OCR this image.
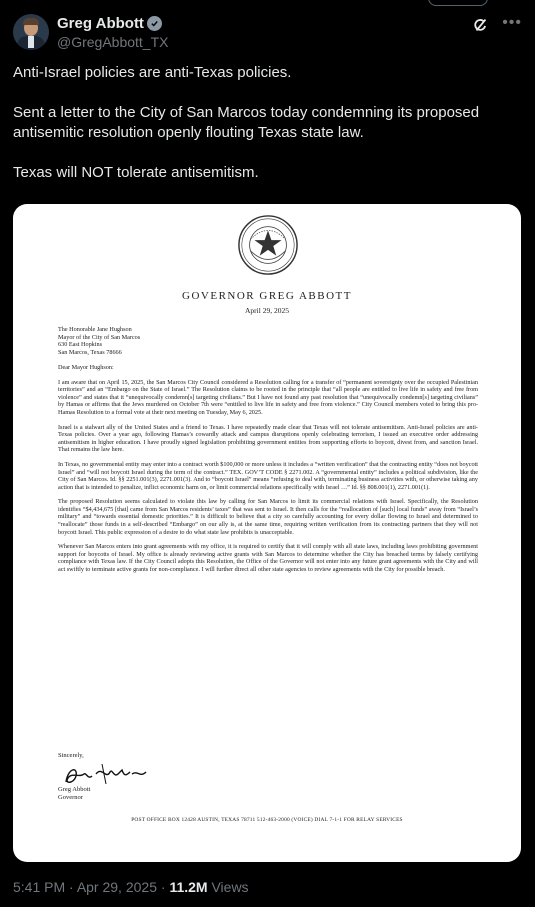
Greg Abbott
@GregAbbott_TX
•••

Anti-Israel policies are anti-Texas policies.

Sent a letter to the City of San Marcos today condemning its proposed antisemitic resolution openly flouting Texas state law.

Texas will NOT tolerate antisemitism.

GOVERNOR GREG ABBOTT
April 29, 2025
The Honorable Jane Hughson
Mayor of the City of San Marcos
630 East Hopkins
San Marcos, Texas 78666

Dear Mayor Hughson:

I am aware that on April 15, 2025, the San Marcos City Council considered a Resolution calling for a transfer of “permanent sovereignty over the occupied Palestinian territories” and an “Embargo on the State of Israel.” The Resolution claims to be rooted in the principle that “all people are entitled to live life in safety and free from violence” and states that it “unequivocally condemn[s] targeting civilians.” But I have not found any past resolution that “unequivocally condemn[s] targeting civilians” by Hamas or affirms that the Jews murdered on October 7th were “entitled to live life in safety and free from violence.” City Council members voted to bring this pro-Hamas Resolution to a formal vote at their next meeting on Tuesday, May 6, 2025.

Israel is a stalwart ally of the United States and a friend to Texas. I have repeatedly made clear that Texas will not tolerate antisemitism. Anti-Israel policies are anti-Texas policies. Over a year ago, following Hamas’s cowardly attack and campus disruptions openly celebrating terrorism, I issued an executive order addressing antisemitism in higher education. I have proudly signed legislation prohibiting government entities from supporting efforts to boycott, divest from, and sanction Israel. That remains the law here.

In Texas, no governmental entity may enter into a contract worth $100,000 or more unless it includes a “written verification” that the contracting entity “does not boycott Israel” and “will not boycott Israel during the term of the contract.” TEX. GOV’T CODE § 2271.002. A “governmental entity” includes a political subdivision, like the City of San Marcos. Id. §§ 2251.001(3), 2271.001(3). And to “boycott Israel” means “refusing to deal with, terminating business activities with, or otherwise taking any action that is intended to penalize, inflict economic harm on, or limit commercial relations specifically with Israel …” Id. §§ 808.001(1), 2271.001(1).

The proposed Resolution seems calculated to violate this law by calling for San Marcos to limit its commercial relations with Israel. Specifically, the Resolution identifies “$4,434,675 [that] came from San Marcos residents’ taxes” that was sent to Israel. It then calls for the “reallocation of [such] local funds” away from “Israel’s military” and “towards essential domestic priorities.” It is difficult to believe that a city so carefully accounting for every dollar flowing to Israel and determined to “reallocate” those funds in a self-described “Embargo” on our ally is, at the same time, requiring written verification from its contracting partners that they will not boycott Israel. This public expression of a desire to do what state law prohibits is unacceptable.

Whenever San Marcos enters into grant agreements with my office, it is required to certify that it will comply with all state laws, including laws prohibiting government support for boycotts of Israel. My office is already reviewing active grants with San Marcos to determine whether the City has breached terms by falsely certifying compliance with Texas law. If the City Council adopts this Resolution, the Office of the Governor will not enter into any future grant agreements with the City and will act swiftly to terminate active grants for non-compliance. I will further direct all other state agencies to review agreements with the City for possible breach.

Sincerely,
Greg Abbott
Governor
POST OFFICE BOX 12428 AUSTIN, TEXAS 78711 512-463-2000 (VOICE) DIAL 7-1-1 FOR RELAY SERVICES
5:41 PM · Apr 29, 2025 · 11.2M Views
